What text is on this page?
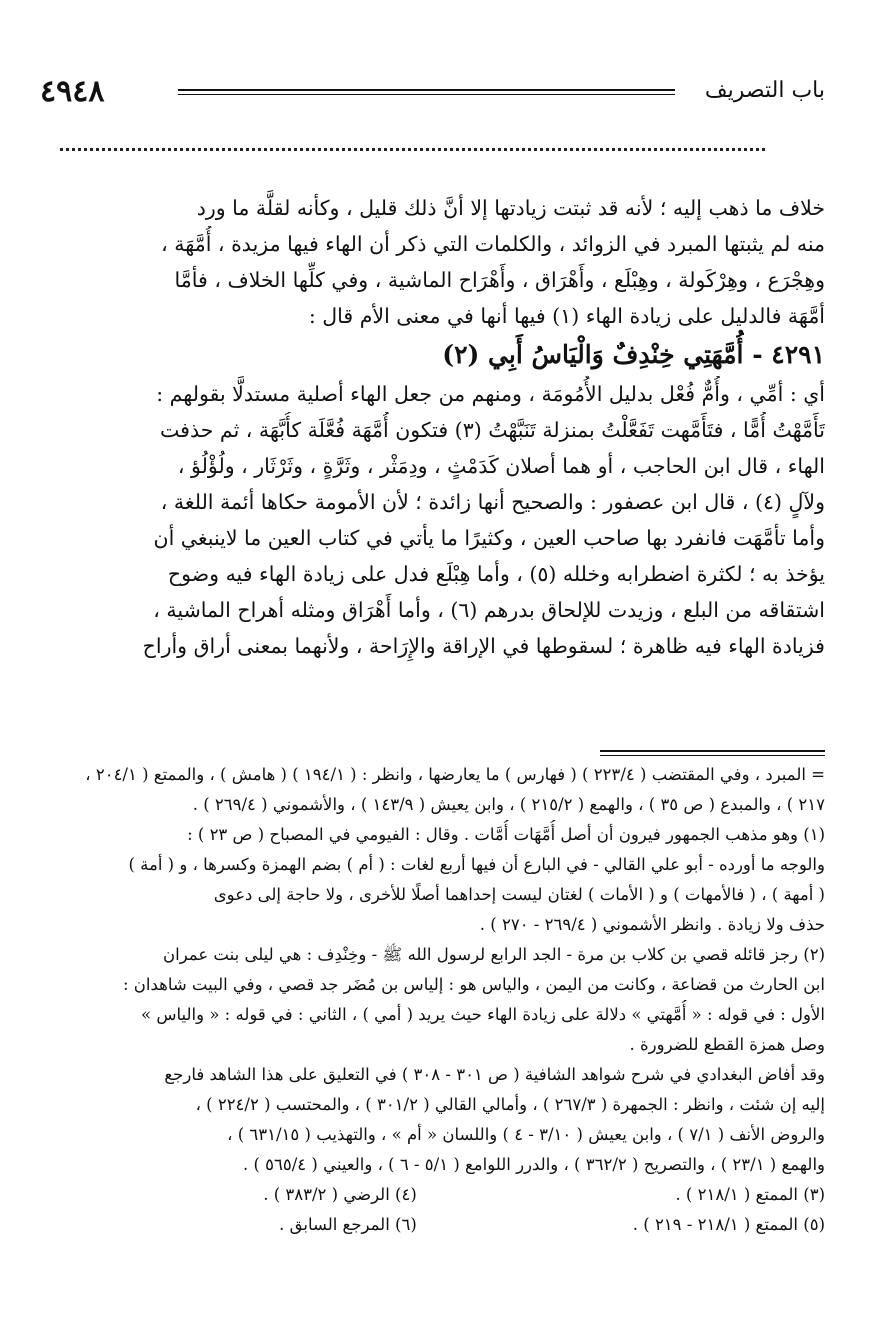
٤٩٤٨	باب التصريف
= خلاف ما ذهب إليه ؛ لأنه قد ثبتت زيادتها إلا أنَّ ذلك قليل ، وكأنه لقلَّة ما ورد
منه لم يثبتها المبرد في الزوائد ، والكلمات التي ذكر أن الهاء فيها مزيدة ، أُمَّهَة ،
وهِجْرَع ، وهِرْكَولة ، وهِبْلَع ، وأَهْرَاق ، وأَهْرَاح الماشية ، وفي كلِّها الخلاف ، فأمَّا
أمَّهَة فالدليل على زيادة الهاء (١) فيها أنها في معنى الأم قال :
٤٢٩١ - أُمَّهَتِي خِنْدِفٌ وَالْيَاسُ أَبِي (٢)
أي : أمِّي ، وأُمٌّ فُعْل بدليل الأُمُومَة ، ومنهم من جعل الهاء أصلية مستدلًّا بقولهم :
تَأَمَّهْتُ أُمًّا ، فتَأَمَّهت تَفَعَّلْتُ بمنزلة تَنَبَّهْتُ (٣) فتكون أُمَّهَة فُعَّلَة كأُبَّهَة ، ثم حذفت
الهاء ، قال ابن الحاجب ، أو هما أصلان كَدَمْثٍ ، ودِمَثْر ، وثَرَّةٍ ، وثَرْثَار ، ولُؤْلُؤ ،
ولآلٍ (٤) ، قال ابن عصفور : والصحيح أنها زائدة ؛ لأن الأمومة حكاها أئمة اللغة ،
وأما تأمَّهَت فانفرد بها صاحب العين ، وكثيرًا ما يأتي في كتاب العين ما لاينبغي أن
يؤخذ به ؛ لكثرة اضطرابه وخلله (٥) ، وأما هِبْلَع فدل على زيادة الهاء فيه وضوح
اشتقاقه من البلع ، وزيدت للإلحاق بدرهم (٦) ، وأما أَهْرَاق ومثله أهراح الماشية ،
فزيادة الهاء فيه ظاهرة ؛ لسقوطها في الإراقة والإِرَاحة ، ولأنهما بمعنى أراق وأراح
= المبرد ، وفي المقتضب ( ٢٢٣/٤ ) ( فهارس ) ما يعارضها ، وانظر : ( ١٩٤/١ ) ( هامش ) ، والممتع ( ٢٠٤/١ ،
٢١٧ ) ، والمبدع ( ص ٣٥ ) ، والهمع ( ٢١٥/٢ ) ، وابن يعيش ( ١٤٣/٩ ) ، والأشموني ( ٢٦٩/٤ ) .
(١) وهو مذهب الجمهور فيرون أن أصل أُمَّهَات أُمَّات . وقال : الفيومي في المصباح ( ص ٢٣ ) :
والوجه ما أورده - أبو علي القالي - في البارع أن فيها أربع لغات : ( أم ) بضم الهمزة وكسرها ، و ( أمة )
( أمهة ) ، ( فالأمهات ) و ( الأمات ) لغتان ليست إحداهما أصلًا للأخرى ، ولا حاجة إلى دعوى
حذف ولا زيادة . وانظر الأشموني ( ٢٦٩/٤ - ٢٧٠ ) .
(٢) رجز قائله قصي بن كلاب بن مرة - الجد الرابع لرسول الله ﷺ - وخِنْدِف : هي ليلى بنت عمران
ابن الحارث من قضاعة ، وكانت من اليمن ، والياس هو : إلياس بن مُضَر جد قصي ، وفي البيت شاهدان :
الأول : في قوله : « أُمَّهتي » دلالة على زيادة الهاء حيث يريد ( أمي ) ، الثاني : في قوله : « والياس »
وصل همزة القطع للضرورة .
وقد أفاض البغدادي في شرح شواهد الشافية ( ص ٣٠١ - ٣٠٨ ) في التعليق على هذا الشاهد فارجع
إليه إن شئت ، وانظر : الجمهرة ( ٢٦٧/٣ ) ، وأمالي القالي ( ٣٠١/٢ ) ، والمحتسب ( ٢٢٤/٢ ) ،
والروض الأنف ( ٧/١ ) ، وابن يعيش ( ٣/١٠ - ٤ ) واللسان « أم » ، والتهذيب ( ٦٣١/١٥ ) ،
والهمع ( ٢٣/١ ) ، والتصريح ( ٣٦٢/٢ ) ، والدرر اللوامع ( ٥/١ - ٦ ) ، والعيني ( ٥٦٥/٤ ) .
(٣) الممتع ( ٢١٨/١ ) .
(٤) الرضي ( ٣٨٣/٢ ) .
(٥) الممتع ( ٢١٨/١ - ٢١٩ ) .
(٦) المرجع السابق .
